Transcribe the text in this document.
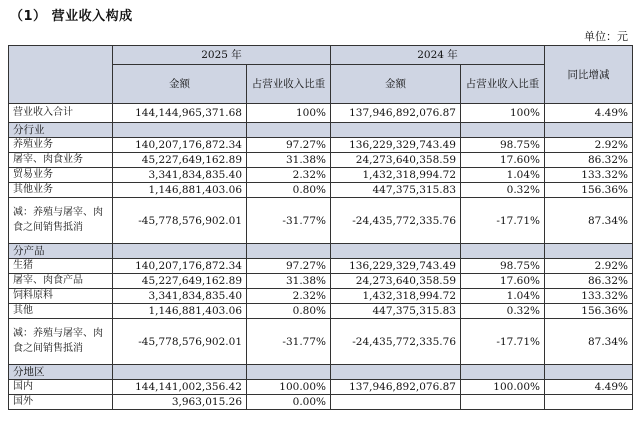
（1） 营业收入构成
单位：元
	2025 年		2024 年		同比增减
	金额	占营业收入比重	金额	占营业收入比重	
营业收入合计	144,144,965,371.68	100%	137,946,892,076.87	100%	4.49%
分行业					
养殖业务	140,207,176,872.34	97.27%	136,229,329,743.49	98.75%	2.92%
屠宰、肉食业务	45,227,649,162.89	31.38%	24,273,640,358.59	17.60%	86.32%
贸易业务	3,341,834,835.40	2.32%	1,432,318,994.72	1.04%	133.32%
其他业务	1,146,881,403.06	0.80%	447,375,315.83	0.32%	156.36%
减：养殖与屠宰、肉食之间销售抵消	-45,778,576,902.01	-31.77%	-24,435,772,335.76	-17.71%	87.34%
分产品					
生猪	140,207,176,872.34	97.27%	136,229,329,743.49	98.75%	2.92%
屠宰、肉食产品	45,227,649,162.89	31.38%	24,273,640,358.59	17.60%	86.32%
饲料原料	3,341,834,835.40	2.32%	1,432,318,994.72	1.04%	133.32%
其他	1,146,881,403.06	0.80%	447,375,315.83	0.32%	156.36%
减：养殖与屠宰、肉食之间销售抵消	-45,778,576,902.01	-31.77%	-24,435,772,335.76	-17.71%	87.34%
分地区					
国内	144,141,002,356.42	100.00%	137,946,892,076.87	100.00%	4.49%
国外	3,963,015.26	0.00%			
